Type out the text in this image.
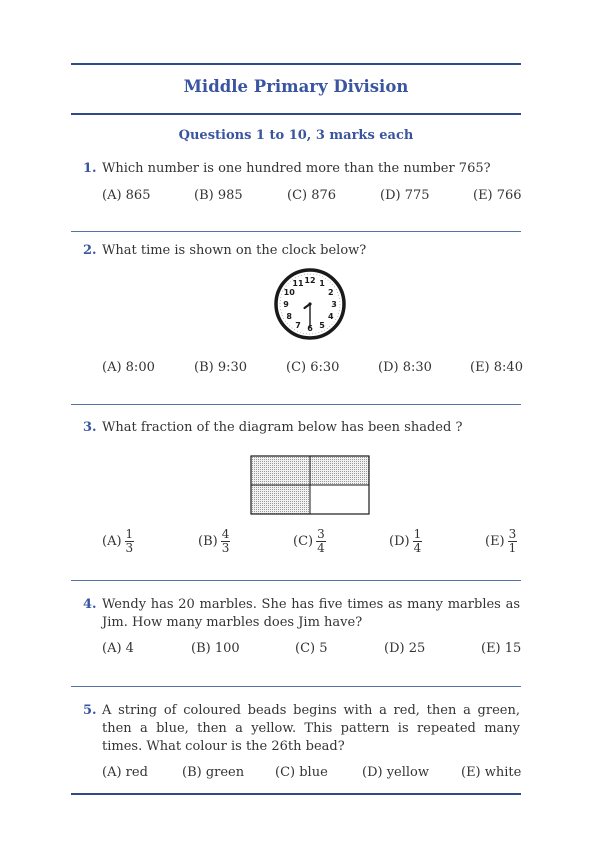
Middle Primary Division
Questions 1 to 10, 3 marks each
1. Which number is one hundred more than the number 765?
(A) 865	(B) 985	(C) 876	(D) 775	(E) 766
2. What time is shown on the clock below?
12 1
2
3
4
5
6
7
8
9
10
11
(A) 8:00	(B) 9:30	(C) 6:30	(D) 8:30	(E) 8:40
3. What fraction of the diagram below has been shaded ?
$(A) \frac{1}{3}$	$(B) \frac{4}{3}$	$(C) \frac{3}{4}$	$(D) \frac{1}{4}$	$(E) \frac{3}{1}$
4. Wendy has 20 marbles. She has five times as many marbles as Jim. How many marbles does Jim have?
(A) 4	(B) 100	(C) 5	(D) 25	(E) 15
5. A string of coloured beads begins with a red, then a green, then a blue, then a yellow. This pattern is repeated many times. What colour is the 26th bead?
(A) red	(B) green (C) blue	(D) yellow (E) white
